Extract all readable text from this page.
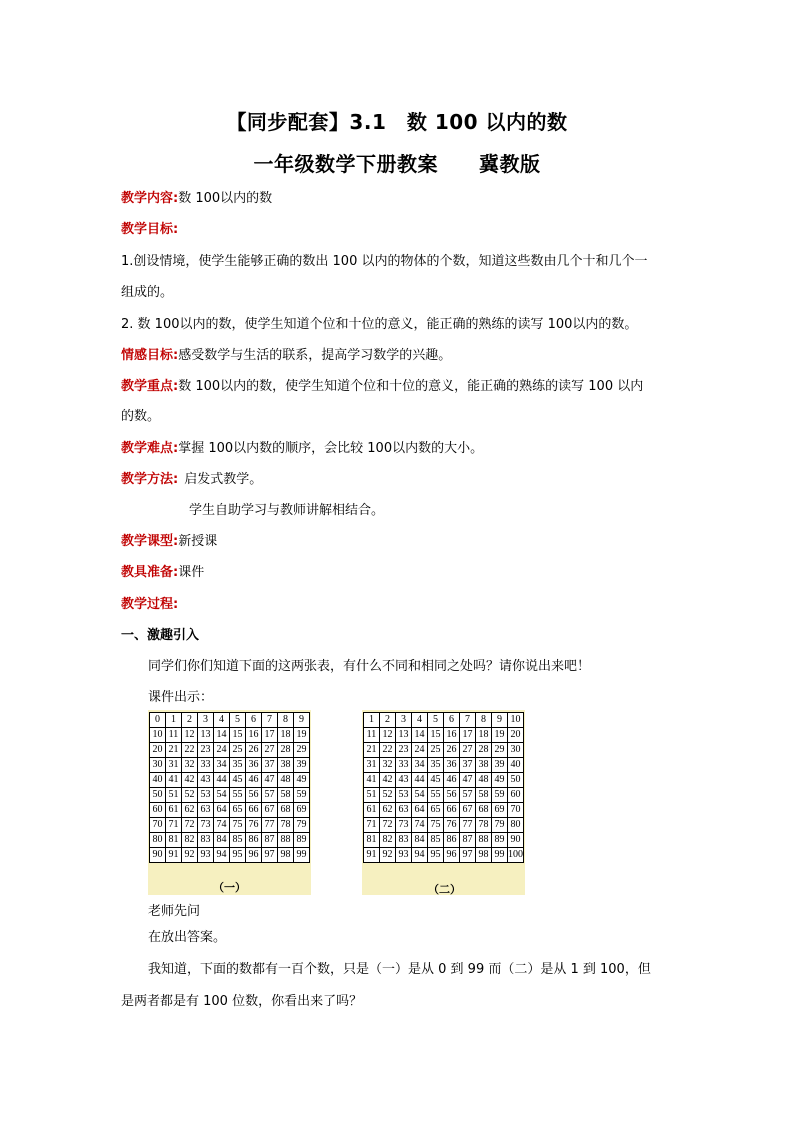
【同步配套】3.1　数 100 以内的数
一年级数学下册教案　　冀教版
教学内容:数 100以内的数
教学目标:
1.创设情境，使学生能够正确的数出 100 以内的物体的个数，知道这些数由几个十和几个一
组成的。
2. 数 100以内的数，使学生知道个位和十位的意义，能正确的熟练的读写 100以内的数。
情感目标:感受数学与生活的联系，提高学习数学的兴趣。
教学重点:数 100以内的数，使学生知道个位和十位的意义，能正确的熟练的读写 100 以内
的数。
教学难点:掌握 100以内数的顺序，会比较 100以内数的大小。
教学方法: 启发式教学。
学生自助学习与教师讲解相结合。
教学课型:新授课
教具准备:课件
教学过程:
一、激趣引入
同学们你们知道下面的这两张表，有什么不同和相同之处吗？请你说出来吧！
课件出示：
0	1	2	3	4	5	6	7	8	9
10	11	12	13	14	15	16	17	18	19
20	21	22	23	24	25	26	27	28	29
30	31	32	33	34	35	36	37	38	39
40	41	42	43	44	45	46	47	48	49
50	51	52	53	54	55	56	57	58	59
60	61	62	63	64	65	66	67	68	69
70	71	72	73	74	75	76	77	78	79
80	81	82	83	84	85	86	87	88	89
90	91	92	93	94	95	96	97	98	99
1	2	3	4	5	6	7	8	9	10
11	12	13	14	15	16	17	18	19	20
21	22	23	24	25	26	27	28	29	30
31	32	33	34	35	36	37	38	39	40
41	42	43	44	45	46	47	48	49	50
51	52	53	54	55	56	57	58	59	60
61	62	63	64	65	66	67	68	69	70
71	72	73	74	75	76	77	78	79	80
81	82	83	84	85	86	87	88	89	90
91	92	93	94	95	96	97	98	99	100
（一）	（二）
老师先问
在放出答案。
我知道，下面的数都有一百个数，只是（一）是从 0 到 99 而（二）是从 1 到 100，但
是两者都是有 100 位数，你看出来了吗？
